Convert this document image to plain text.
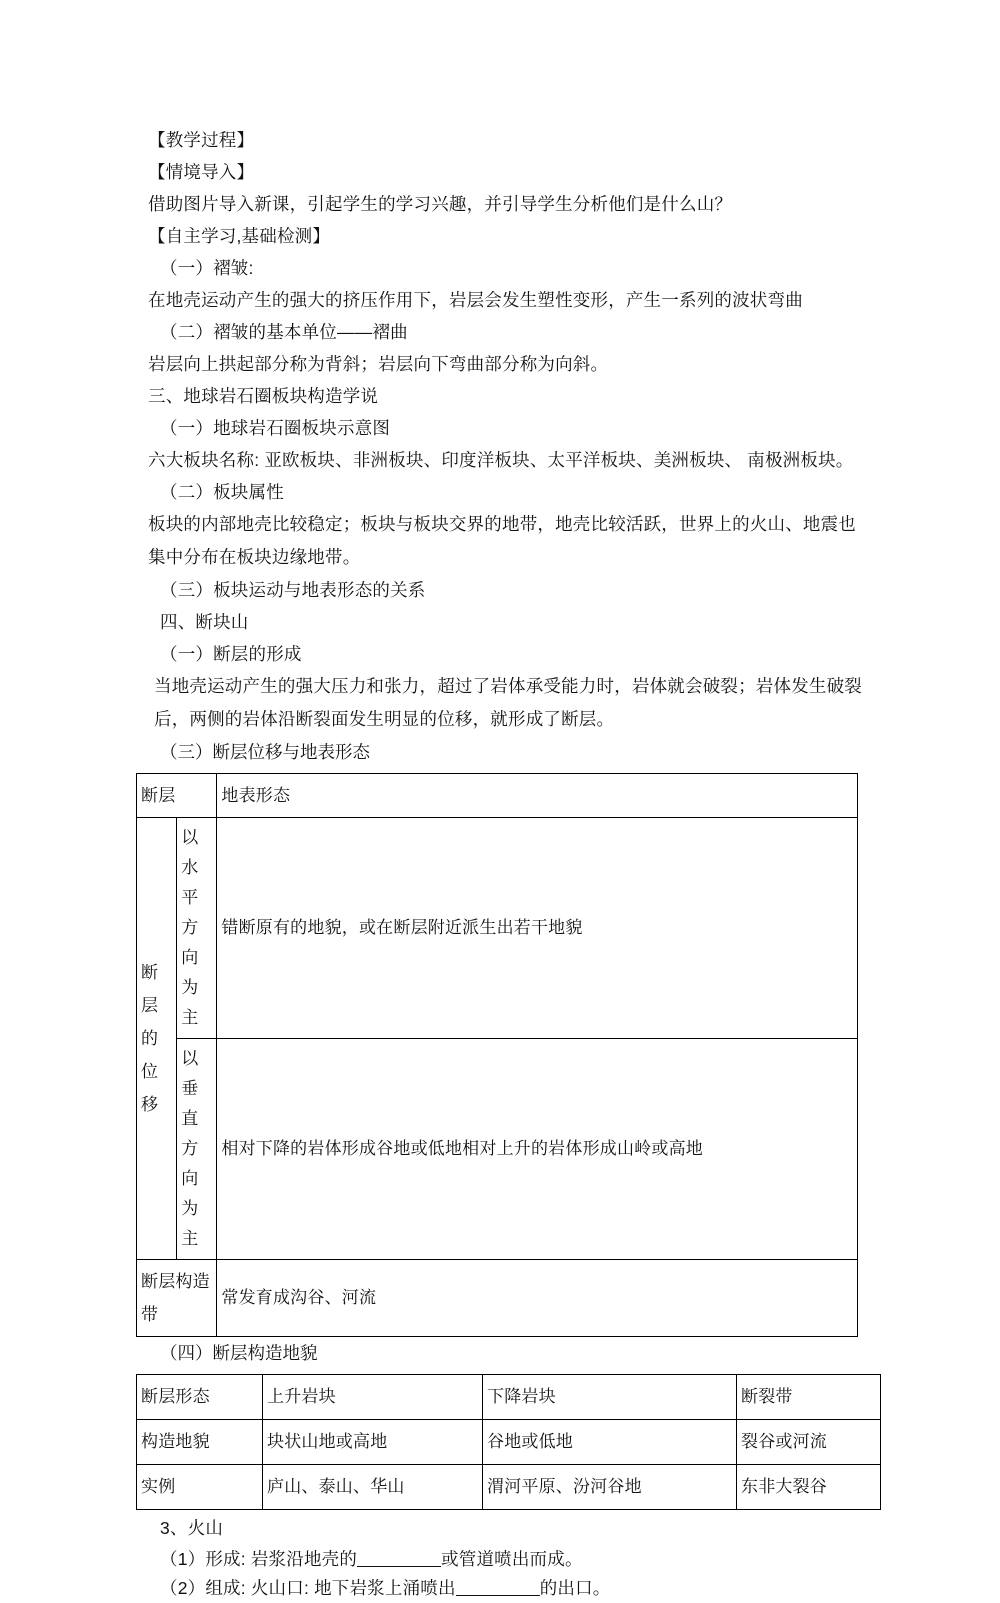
【教学过程】
【情境导入】
借助图片导入新课，引起学生的学习兴趣，并引导学生分析他们是什么山？
【自主学习,基础检测】
（一）褶皱:
在地壳运动产生的强大的挤压作用下，岩层会发生塑性变形，产生一系列的波状弯曲
（二）褶皱的基本单位——褶曲
岩层向上拱起部分称为背斜；岩层向下弯曲部分称为向斜。
三、地球岩石圈板块构造学说
（一）地球岩石圈板块示意图
六大板块名称: 亚欧板块、非洲板块、印度洋板块、太平洋板块、美洲板块、 南极洲板块。
（二）板块属性
板块的内部地壳比较稳定；板块与板块交界的地带，地壳比较活跃，世界上的火山、地震也集中分布在板块边缘地带。
（三）板块运动与地表形态的关系
四、断块山
（一）断层的形成
当地壳运动产生的强大压力和张力，超过了岩体承受能力时，岩体就会破裂；岩体发生破裂后，两侧的岩体沿断裂面发生明显的位移，就形成了断层。
（三）断层位移与地表形态
断层		地表形态
断层的位移	以水平方向为主	错断原有的地貌，或在断层附近派生出若干地貌
	以垂直方向为主	相对下降的岩体形成谷地或低地相对上升的岩体形成山岭或高地
断层构造带		常发育成沟谷、河流
（四）断层构造地貌
断层形态	上升岩块	下降岩块	断裂带
构造地貌	块状山地或高地	谷地或低地	裂谷或河流
实例	庐山、泰山、华山	渭河平原、汾河谷地	东非大裂谷
3、火山
（1）形成: 岩浆沿地壳的	或管道喷出而成。
（2）组成: 火山口: 地下岩浆上涌喷出	的出口。
